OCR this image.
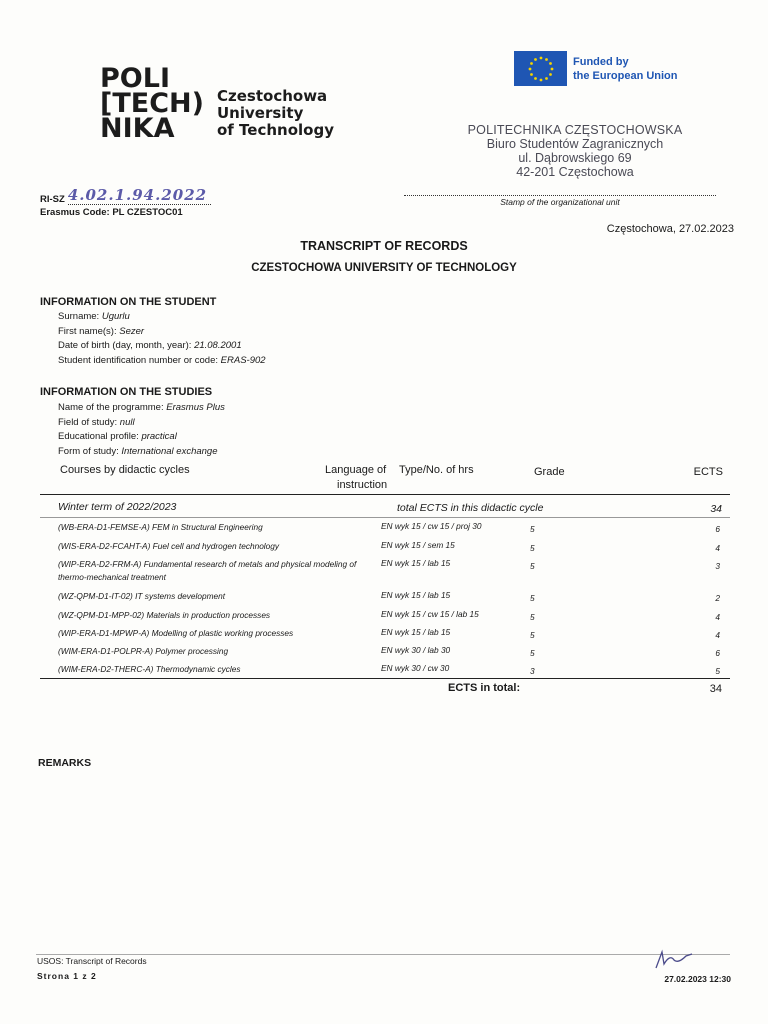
POLI
[TECH)
NIKA
Czestochowa
University
of Technology
Funded by
the European Union
POLITECHNIKA CZĘSTOCHOWSKA
Biuro Studentów Zagranicznych
ul. Dąbrowskiego 69
42-201 Częstochowa
Stamp of the organizational unit
RI-SZ 4.02.1.94.2022
Erasmus Code: PL CZESTOC01
Częstochowa, 27.02.2023
TRANSCRIPT OF RECORDS
CZESTOCHOWA UNIVERSITY OF TECHNOLOGY
INFORMATION ON THE STUDENT
Surname: Ugurlu
First name(s): Sezer
Date of birth (day, month, year): 21.08.2001
Student identification number or code: ERAS-902
INFORMATION ON THE STUDIES
Name of the programme: Erasmus Plus
Field of study: null
Educational profile: practical
Form of study: International exchange
Courses by didactic cycles	Language of
instruction
Type/No. of hrs	Grade	ECTS
Winter term of 2022/2023	total ECTS in this didactic cycle	34
(WB-ERA-D1-FEMSE-A) FEM in Structural Engineering	EN wyk 15 / cw 15 / proj 30	5	6
(WIS-ERA-D2-FCAHT-A) Fuel cell and hydrogen technology	EN wyk 15 / sem 15	5	4
(WIP-ERA-D2-FRM-A) Fundamental research of metals and physical modeling of thermo-mechanical treatment
EN wyk 15 / lab 15	5	3
(WZ-QPM-D1-IT-02) IT systems development	EN wyk 15 / lab 15	5	2
(WZ-QPM-D1-MPP-02) Materials in production processes	EN wyk 15 / cw 15 / lab 15	5	4
(WIP-ERA-D1-MPWP-A) Modelling of plastic working processes	EN wyk 15 / lab 15	5	4
(WIM-ERA-D1-POLPR-A) Polymer processing	EN wyk 30 / lab 30	5	6
(WIM-ERA-D2-THERC-A) Thermodynamic cycles	EN wyk 30 / cw 30	3	5
ECTS in total:	34
REMARKS
USOS: Transcript of Records
Strona 1 z 2	27.02.2023 12:30
